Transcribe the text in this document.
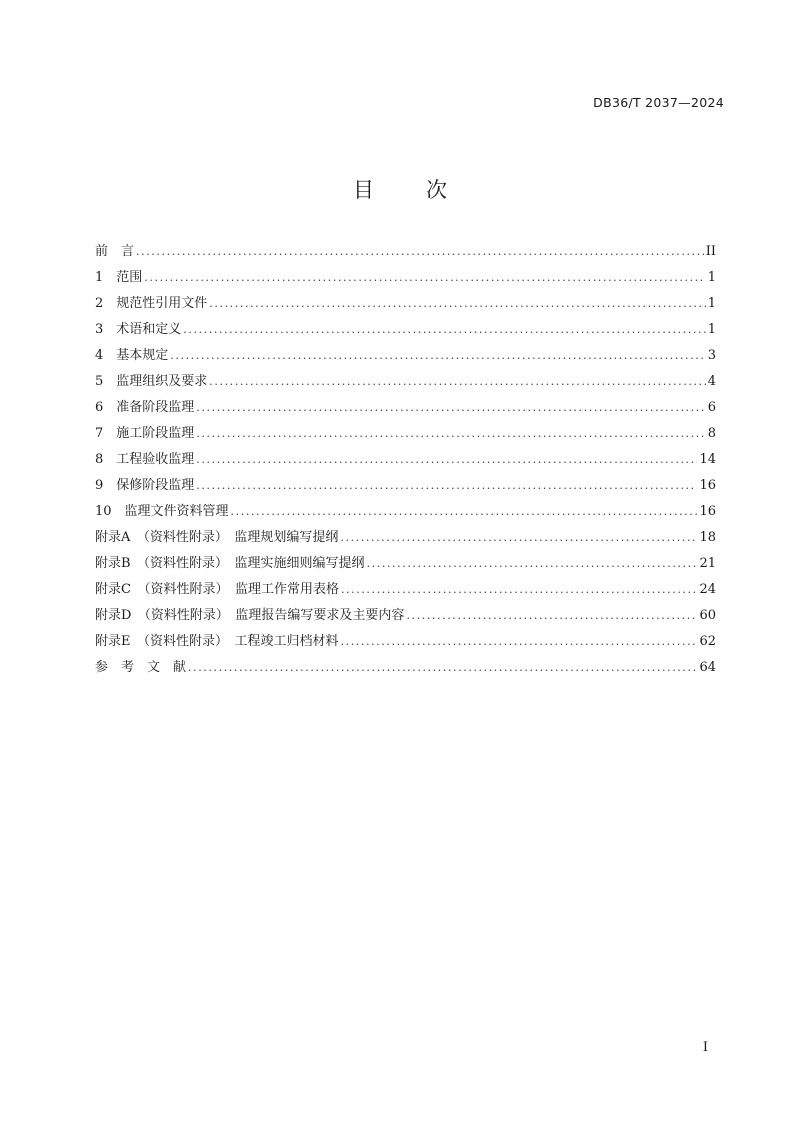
DB36/T 2037—2024
目 次
前　言 .....	II
1　范围 .....	1
2　规范性引用文件 .....	1
3　术语和定义 .....	1
4　基本规定 .....	3
5　监理组织及要求 .....	4
6　准备阶段监理 .....	6
7　施工阶段监理 .....	8
8　工程验收监理 .....	14
9　保修阶段监理 .....	16
10　监理文件资料管理 .....	16
附录A　（资料性附录）　监理规划编写提纲 .....	18
附录B　（资料性附录）　监理实施细则编写提纲 .....	21
附录C　（资料性附录）　监理工作常用表格 .....	24
附录D　（资料性附录）　监理报告编写要求及主要内容 .....	60
附录E　（资料性附录）　工程竣工归档材料 .....	62
参　考　文　献 .....	64
I
